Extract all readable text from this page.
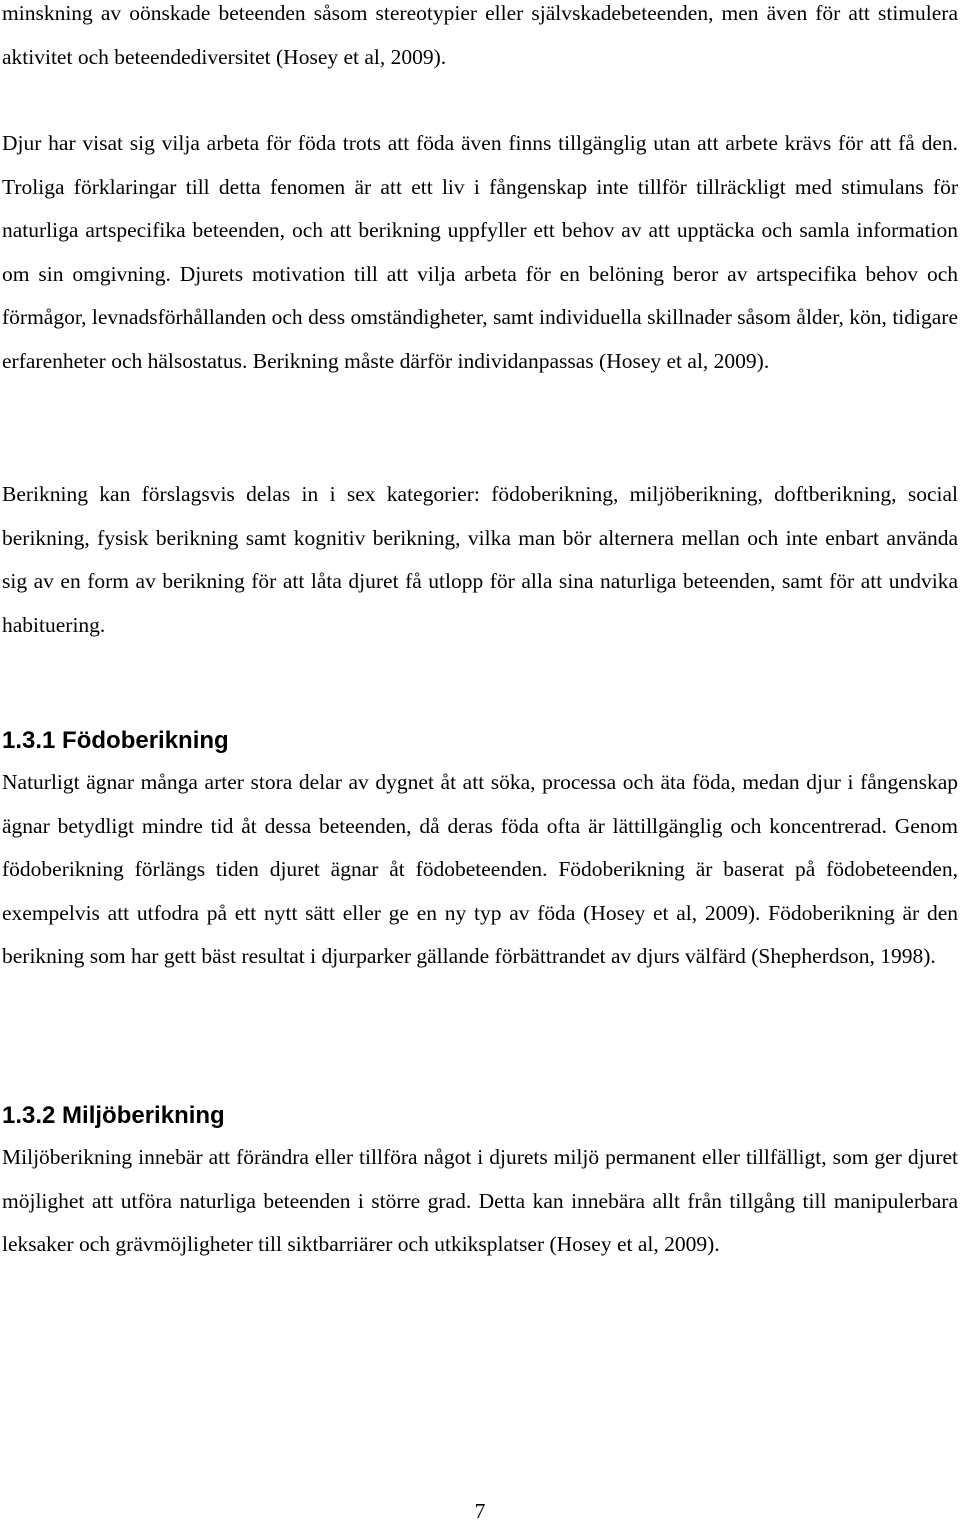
minskning av oönskade beteenden såsom stereotypier eller självskadebeteenden, men även för att stimulera aktivitet och beteendediversitet (Hosey et al, 2009).

Djur har visat sig vilja arbeta för föda trots att föda även finns tillgänglig utan att arbete krävs för att få den. Troliga förklaringar till detta fenomen är att ett liv i fångenskap inte tillför tillräckligt med stimulans för naturliga artspecifika beteenden, och att berikning uppfyller ett behov av att upptäcka och samla information om sin omgivning. Djurets motivation till att vilja arbeta för en belöning beror av artspecifika behov och förmågor, levnadsförhållanden och dess omständigheter, samt individuella skillnader såsom ålder, kön, tidigare erfarenheter och hälsostatus. Berikning måste därför individanpassas (Hosey et al, 2009).

Berikning kan förslagsvis delas in i sex kategorier: födoberikning, miljöberikning, doftberikning, social berikning, fysisk berikning samt kognitiv berikning, vilka man bör alternera mellan och inte enbart använda sig av en form av berikning för att låta djuret få utlopp för alla sina naturliga beteenden, samt för att undvika habituering.

1.3.1 Födoberikning

Naturligt ägnar många arter stora delar av dygnet åt att söka, processa och äta föda, medan djur i fångenskap ägnar betydligt mindre tid åt dessa beteenden, då deras föda ofta är lättillgänglig och koncentrerad. Genom födoberikning förlängs tiden djuret ägnar åt födobeteenden. Födoberikning är baserat på födobeteenden, exempelvis att utfodra på ett nytt sätt eller ge en ny typ av föda (Hosey et al, 2009). Födoberikning är den berikning som har gett bäst resultat i djurparker gällande förbättrandet av djurs välfärd (Shepherdson, 1998).

1.3.2 Miljöberikning

Miljöberikning innebär att förändra eller tillföra något i djurets miljö permanent eller tillfälligt, som ger djuret möjlighet att utföra naturliga beteenden i större grad. Detta kan innebära allt från tillgång till manipulerbara leksaker och grävmöjligheter till siktbarriärer och utkiksplatser (Hosey et al, 2009).

7
